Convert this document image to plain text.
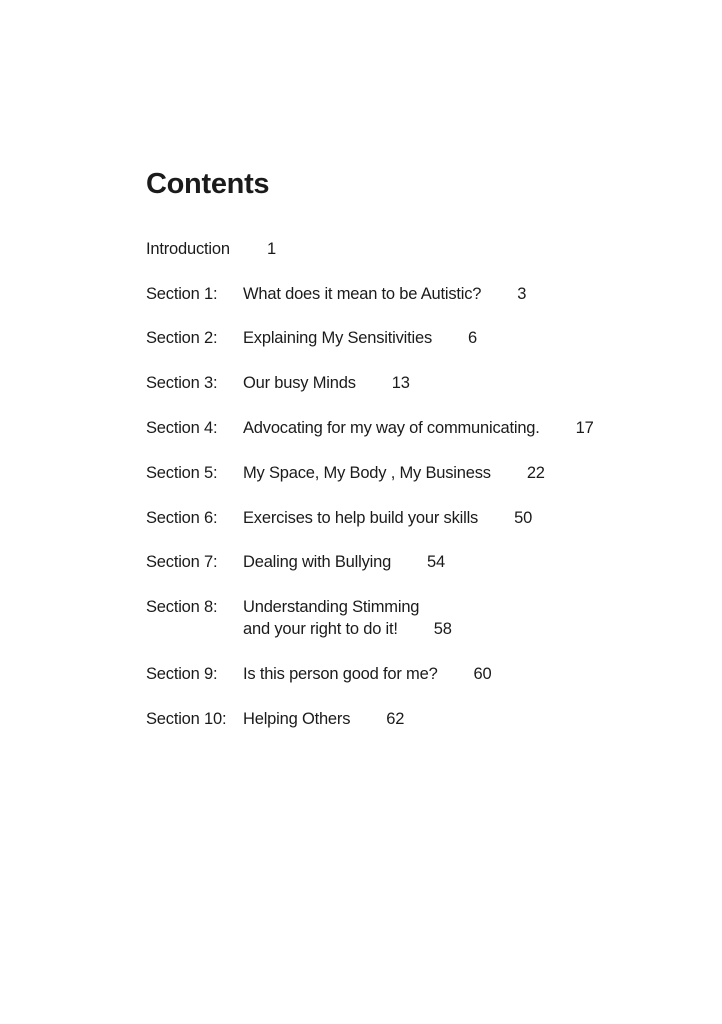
Contents
Introduction 1
Section 1: What does it mean to be Autistic? 3
Section 2: Explaining My Sensitivities 6
Section 3: Our busy Minds 13
Section 4: Advocating for my way of communicating. 17
Section 5: My Space, My Body , My Business 22
Section 6: Exercises to help build your skills 50
Section 7: Dealing with Bullying 54
Section 8: Understanding Stimming
and your right to do it! 58
Section 9: Is this person good for me? 60
Section 10: Helping Others 62
